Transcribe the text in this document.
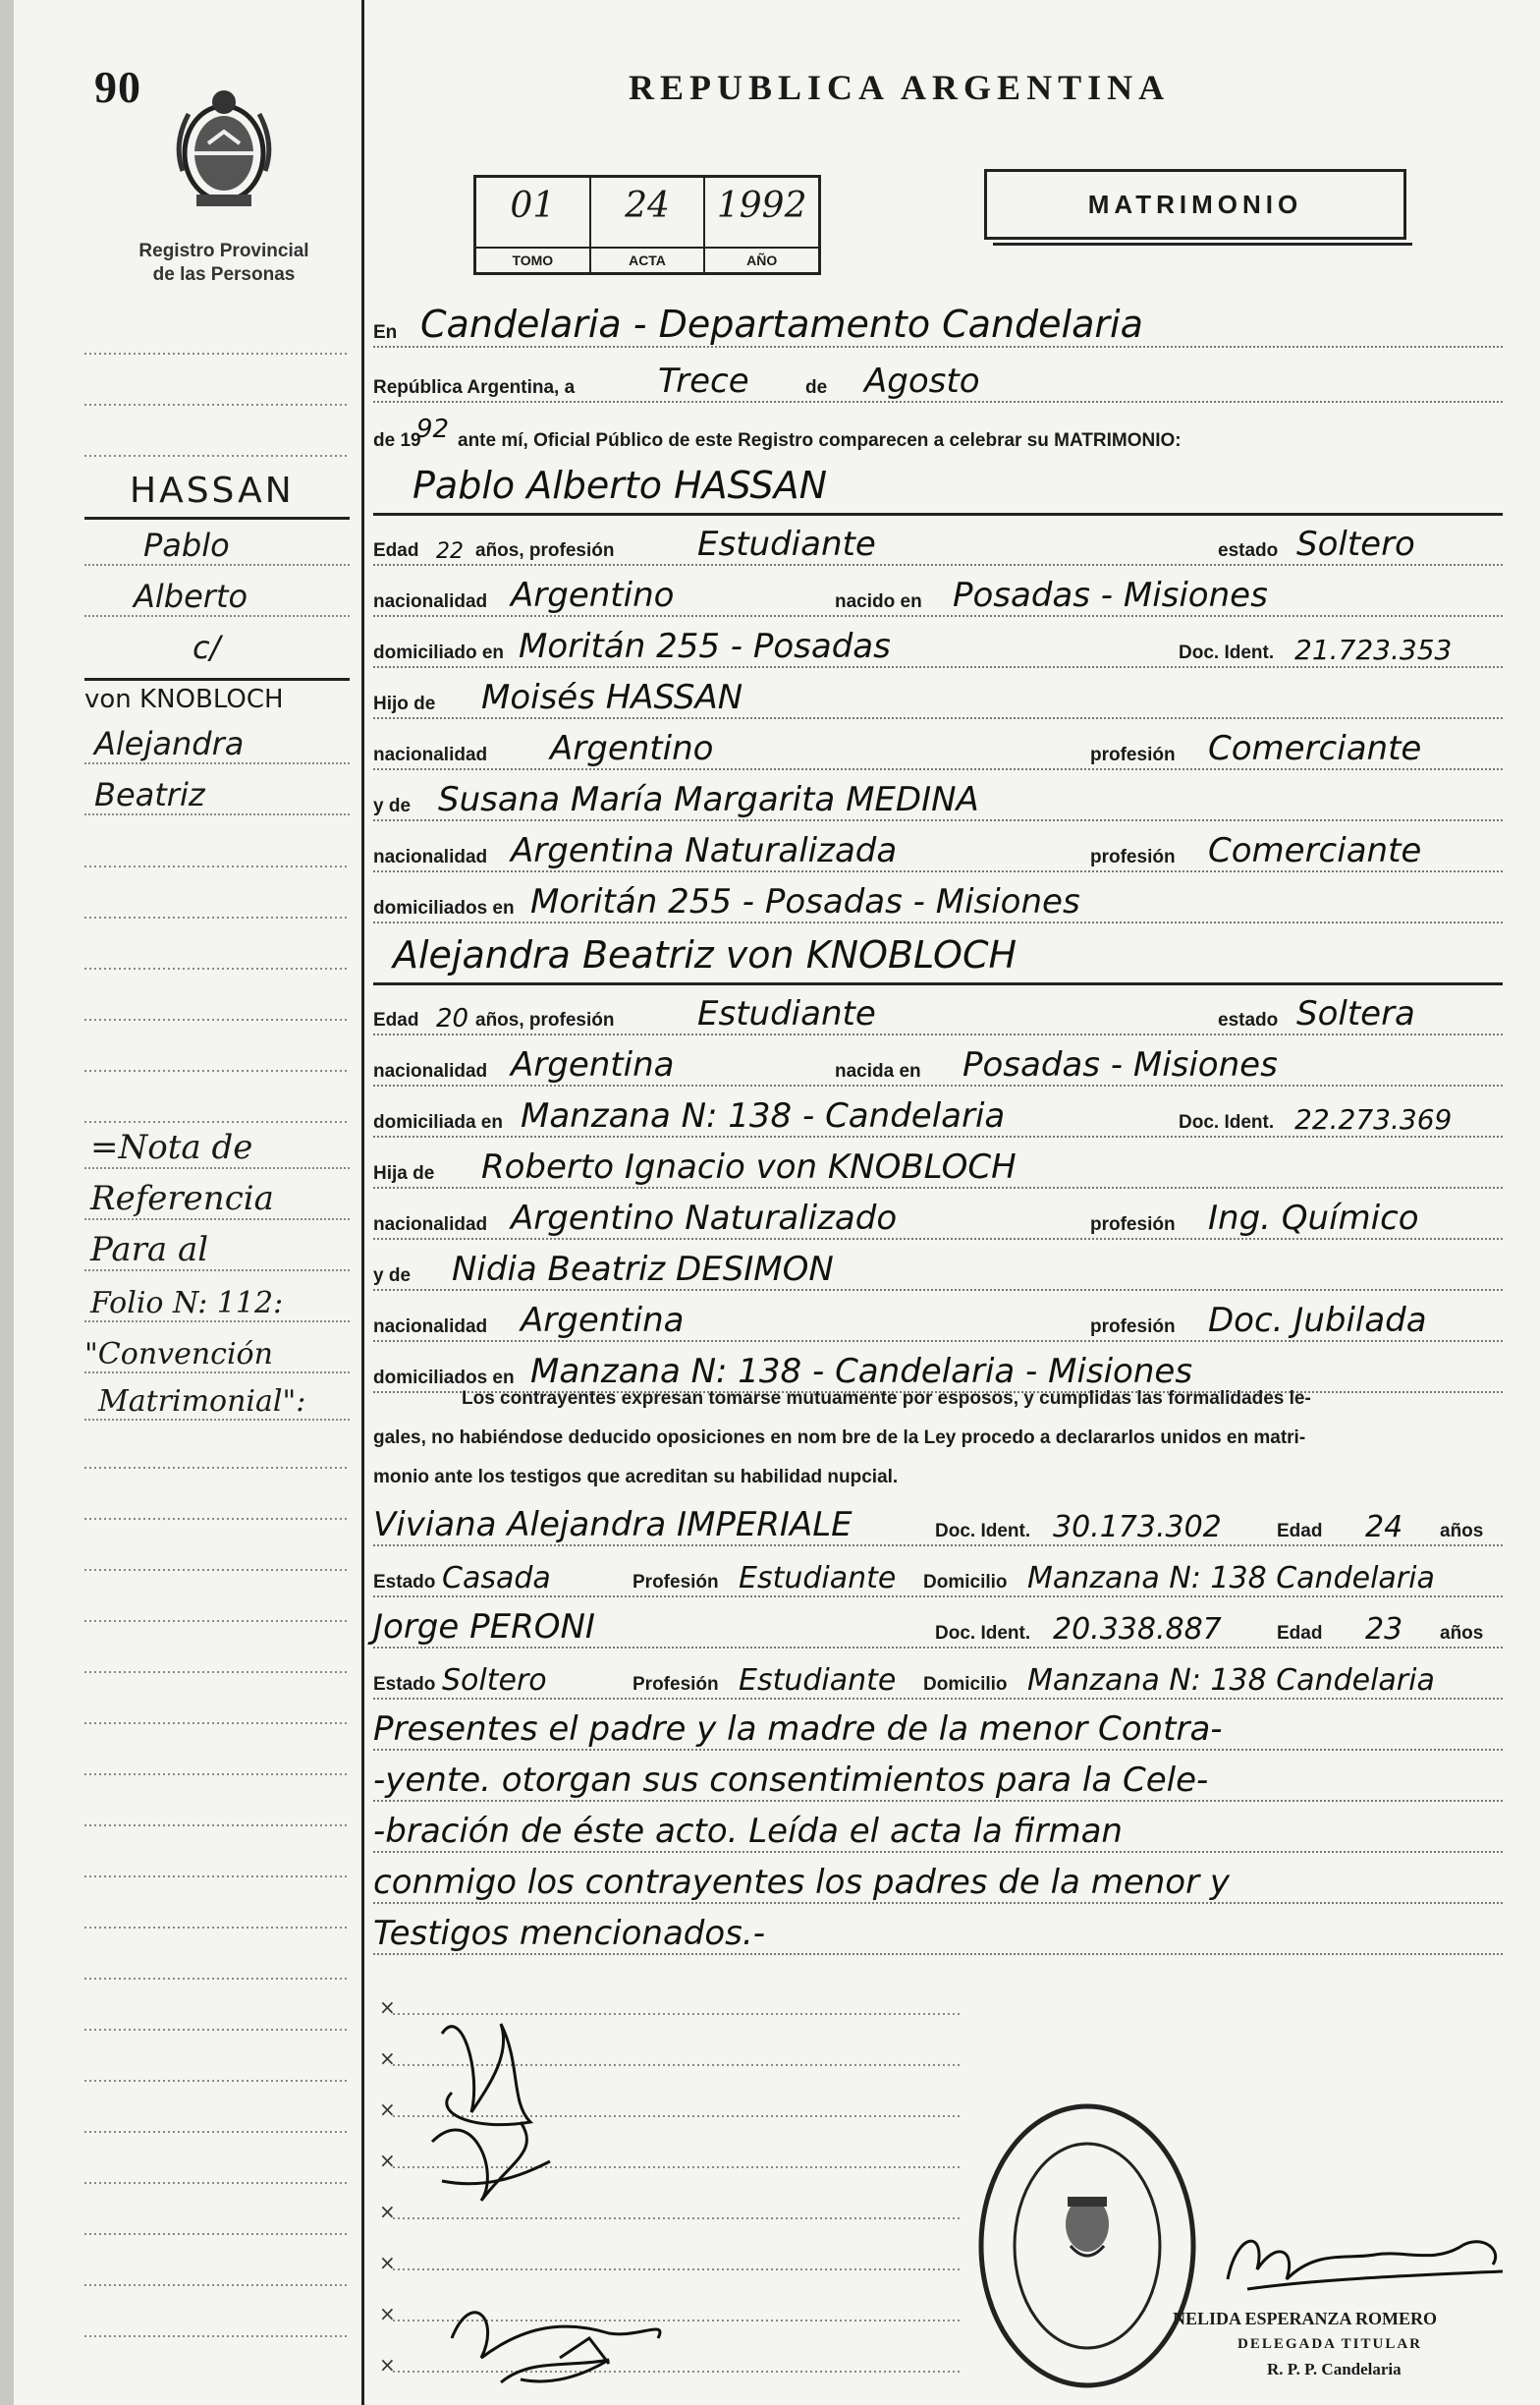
90
Registro Provincial
de las Personas
REPUBLICA ARGENTINA
01
TOMO
24
ACTA
1992
AÑO
MATRIMONIO
En Candelaria - Departamento Candelaria
República Argentina, a Trece	de Agosto
de 19
92 ante mí, Oficial Público de este Registro comparecen a celebrar su MATRIMONIO:
Pablo Alberto HASSAN
Edad 22 años, profesión Estudiante	estado Soltero
nacionalidad Argentino	nacido en Posadas - Misiones
domiciliado en Moritán 255 - Posadas	Doc. Ident. 21.723.353
Hijo de Moisés HASSAN
nacionalidad Argentino	profesión Comerciante
y de Susana María Margarita MEDINA
nacionalidad Argentina Naturalizada	profesión Comerciante
domiciliados en Moritán 255 - Posadas - Misiones
Alejandra Beatriz von KNOBLOCH
Edad 20 años, profesión Estudiante	estado Soltera
nacionalidad Argentina	nacida en Posadas - Misiones
domiciliada en Manzana N: 138 - Candelaria	Doc. Ident. 22.273.369
Hija de Roberto Ignacio von KNOBLOCH
nacionalidad Argentino Naturalizado	profesión Ing. Químico
y de Nidia Beatriz DESIMON
nacionalidad Argentina	profesión Doc. Jubilada
domiciliados en Manzana N: 138 - Candelaria - Misiones
Los contrayentes expresan tomarse mutuamente por esposos, y cumplidas las formalidades le-
gales, no habiéndose deducido oposiciones en nom bre de la Ley procedo a declararlos unidos en matri-
monio ante los testigos que acreditan su habilidad nupcial.
Viviana Alejandra IMPERIALE	Doc. Ident. 30.173.302	Edad 24 años
Estado Casada	Profesión Estudiante Domicilio Manzana N: 138 Candelaria
Jorge PERONI	Doc. Ident. 20.338.887	Edad 23 años
Estado Soltero	Profesión Estudiante Domicilio Manzana N: 138 Candelaria
Presentes el padre y la madre de la menor Contra-
-yente. otorgan sus consentimientos para la Cele-
-bración de éste acto. Leída el acta la firman
conmigo los contrayentes los padres de la menor y
Testigos mencionados.-
HASSAN
Pablo
Alberto
c/
von KNOBLOCH
Alejandra
Beatriz
=Nota de
Referencia
Para al
Folio N: 112:
"Convención
Matrimonial":
×
×
×
×
×
×
×
×
NELIDA ESPERANZA ROMERO
DELEGADA TITULAR
R. P. P. Candelaria
